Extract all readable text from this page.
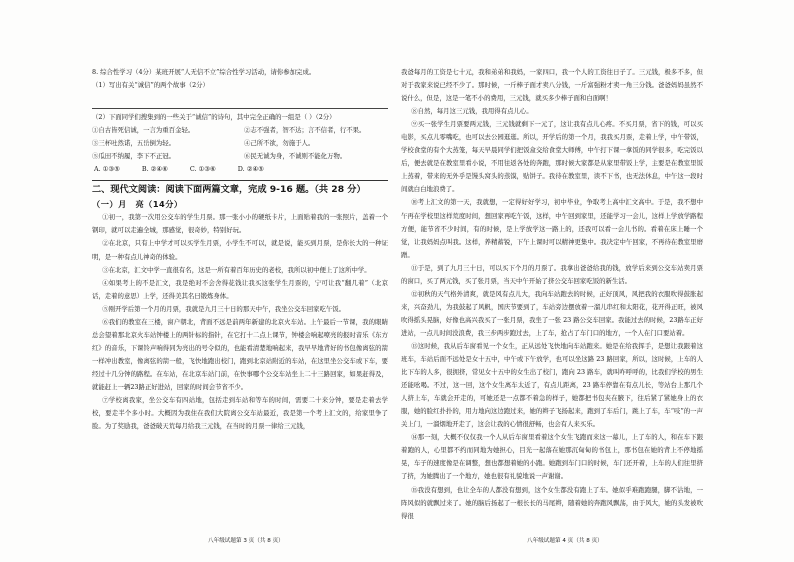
8. 综合性学习（4分）某班开展“人无信不立”综合性学习活动，请你参加完成。

（1）写出有关“诚信”的两个故事（2分）

（2）下面同学们搜集到的一些关于“诚信”的诗句，其中完全正确的一组是（ ）（2分）

①自古皆死信诚，一言为重百金轻。	②志不强者，智不达；言不信者，行不果。
③三杯吐然诺，五岳倒为轻。	④己所不欲，勿施于人。
⑤瓜田不纳履，李下不正冠。	⑥民无诚为身，不诚则不能化万物。
A. ①③⑤	B. ②④⑥	C. ①③⑥	D. ②④⑤

二、现代文阅读：阅读下面两篇文章，完成 9-16 题。（共 28 分）

（一）月　亮（14分）

①初一，我第一次用公交车的学生月票。那一张小小的硬纸卡片，上面贴着我的一张照片，盖着一个钢印，就可以走遍全城，那感觉，很奇妙，特别好玩。

②在北京，只有上中学才可以买学生月票，小学生不可以，就是说，能买到月票，是你长大的一种证明，是一种有点儿神奇的体验。

③在北京，汇文中学一直很有名，这是一所有着百年历史的老校，我所以初中便上了这所中学。

④如果考上的不是汇文，我是绝对不会舍得花钱让我买这张学生月票的，宁可让我“翻几着”（北京话，走着的意思）上学，还得美其名曰锻炼身体。

⑤刚开学后第一个月的月票，我就是九月三十日的那天中午，我坐公交车回家吃午饭。

⑥我们的教室在三楼，窗户朝北，背面不远是前两年新建的北京火车站。上午最后一节课，我的眼睛总会望着那北京火车站钟楼上的两针标的指针，在它打十二点上课节，钟楼会响起嘹亮的报时音乐《东方红》的音乐，下课铃声响得同为亮出的号令似的，也能看清楚地响起来，我早早地背好的书包像离弦的箭一样冲出教室，像离弦的箭一般，飞快地跑出校门，跑到北京站附近的车站，在这里坐公交车或下车，要经过十几分钟的路程。在车站，在北京车站门前，在快事哪个公交车站坐上二十三路回家，如果赶得及，就能赶上一辆23路正好进站，回家的时间会节省不少。

⑦学校离我家，坐公交车有四站地，包括走到车站和等车的时间，需要二十来分钟，要是走着去学校，要走半个多小时。大概因为我住在我们大院离公交车站最近，我是第一个考上汇文的，给家里争了脸。为了奖励我，爸爸破天荒每月给我三元钱，在当时的月票一律给三元钱，

我爸每月的工资是七十元，我和弟弟和我妈，一家四口，我一个人的工资往日子了。三元钱，极多不多，但对于我家来说已经不少了。那时候，一斤棒子面才卖八分钱，一斤富强粉才卖一角三分钱。爸爸妈妈虽然不说什么，但是，这是一笔不小的费用，三元钱，就买多少棒子面和白面啊！

⑧自然，每月这三元钱，我用得有点儿心。

⑨买一张学生月票要两元钱，三元钱就剩下一元了，这让我有点儿心疼。不买月票，省下的钱，可以买电影，买点儿零嘴吃，也可以去公园逛逛。所以，开学后的第一个月，我我买月票，走着上学，中午带饭，学校食堂的有个大蒸笼，每天早晨同学们把饭盒交给食堂大师傅，中午打下课一拿饭的同学很多，吃完饭以后，便去就是在教室里看小说，不用往返各处的奔跑，那时候大家都是从家里带饭上学，主要是在教室里饭上蒸着，带来的无外乎是馒头窝头的蒸馍，贴饼子。我待在教室里，读不下书，也无法休息，中午这一段时间就白白地浪费了。

⑩考上汇文的第一天，我就想，一定得好好学习，初中毕业，争取考上高中汇文高中。于是，我不想中午再在学校里这样荒度时间，想回家再吃午饭，这样，中午回到家里，还能学习一会儿，这样上学放学路程方便，能节省不少时间，有的时候，是上学放学这一路上的，还我可以看一会儿书的。看着在床上睡一个觉，让我妈妈点叫我。这样，养精蓄锐，下午上课时可以精神更集中。我决定中午回家，不再待在教室里磨蹭。

⑪于是，到了九月三十日，可以买下个月的月票了。我拿出爸爸给我的钱，放学后来到公交车站卖月票的窗口，买了两元钱，买了张月票，当天中午开始了挤公交车回家吃饭的新生活。

⑫初秋的天气格外清爽，就是风有点儿大，我向车站跑去的时候，正好顶风，风把我的衣服吹得鼓胀起来，兴奋劲儿，为我鼓起了风帆，国庆节要到了，车站旁边摆放着一溜儿串红和太阳花，花开得正旺，被风吹得摇头晃脑，好像也高兴我买了一张月票，我坐了一张 23 路公交车回家。我能过去的时候，23路车正好进站，一点儿时间没浪费，我三步两步跑过去，上了车，抢占了车门口的地方，一个人在门口要站着。

⑬这时候，我从后车窗看见一个女生，正从远处飞快地向车站跑来。她是在给我挥手，是想让我跟着这班车，车站后面不远处是女十五中，中午或下午放学，也可以坐这路 23 路回家，所以，这时候，上车的人比下车的人多，很拥挤，常见女十五中的女生出了校门，跑向 23 路车，就叫咋呼呼的，比我们学校的男生还能吆喝。不过，这一回，这个女生离车太近了，有点儿距离，23 路车停靠在有点儿长，等站台上那几个人挤上车，车就会开走的，可她还是一点都不着急的样子，她都把书包夹在腋下，往后紧了紧她身上的衣服，她的脸红扑扑的，用力地向这边跑过来，她的辫子飞扬起来，跑到了车后门，跳上了车，车“吱”的一声关上门，一溜烟地开走了，这会让我的心情很舒畅，也会有人来买乐。

⑭那一刻，大概不仅仅我一个人从后车窗里看着这个女生飞跑而来这一幕儿，上了车的人，和在车下跟着跑的人，心里都不约而同地为她担心，目光一起落在她那沉甸甸的书包上，那书包在她的背上不停地摇晃，车子的速度像是在调整，想也都想着她的小跑。她跑到车门口的时候，车门还开着，上车的人们往里挤了挤，为她腾出了一个地方，她也很有礼貌地说一声谢谢。

⑮我没有想到，也让全车的人都没有想到，这个女生都没有跑上了车。她似乎难跑跑腿，脚不沾地，一阵风似的就飘过来了。她的脑后扬起了一根长长的马尾辫，随着她的奔跑风飘荡，由于风大，她的头发被吹得很

八年级试题第 3 页（共 8 页）	八年级试题第 4 页（共 8 页）
